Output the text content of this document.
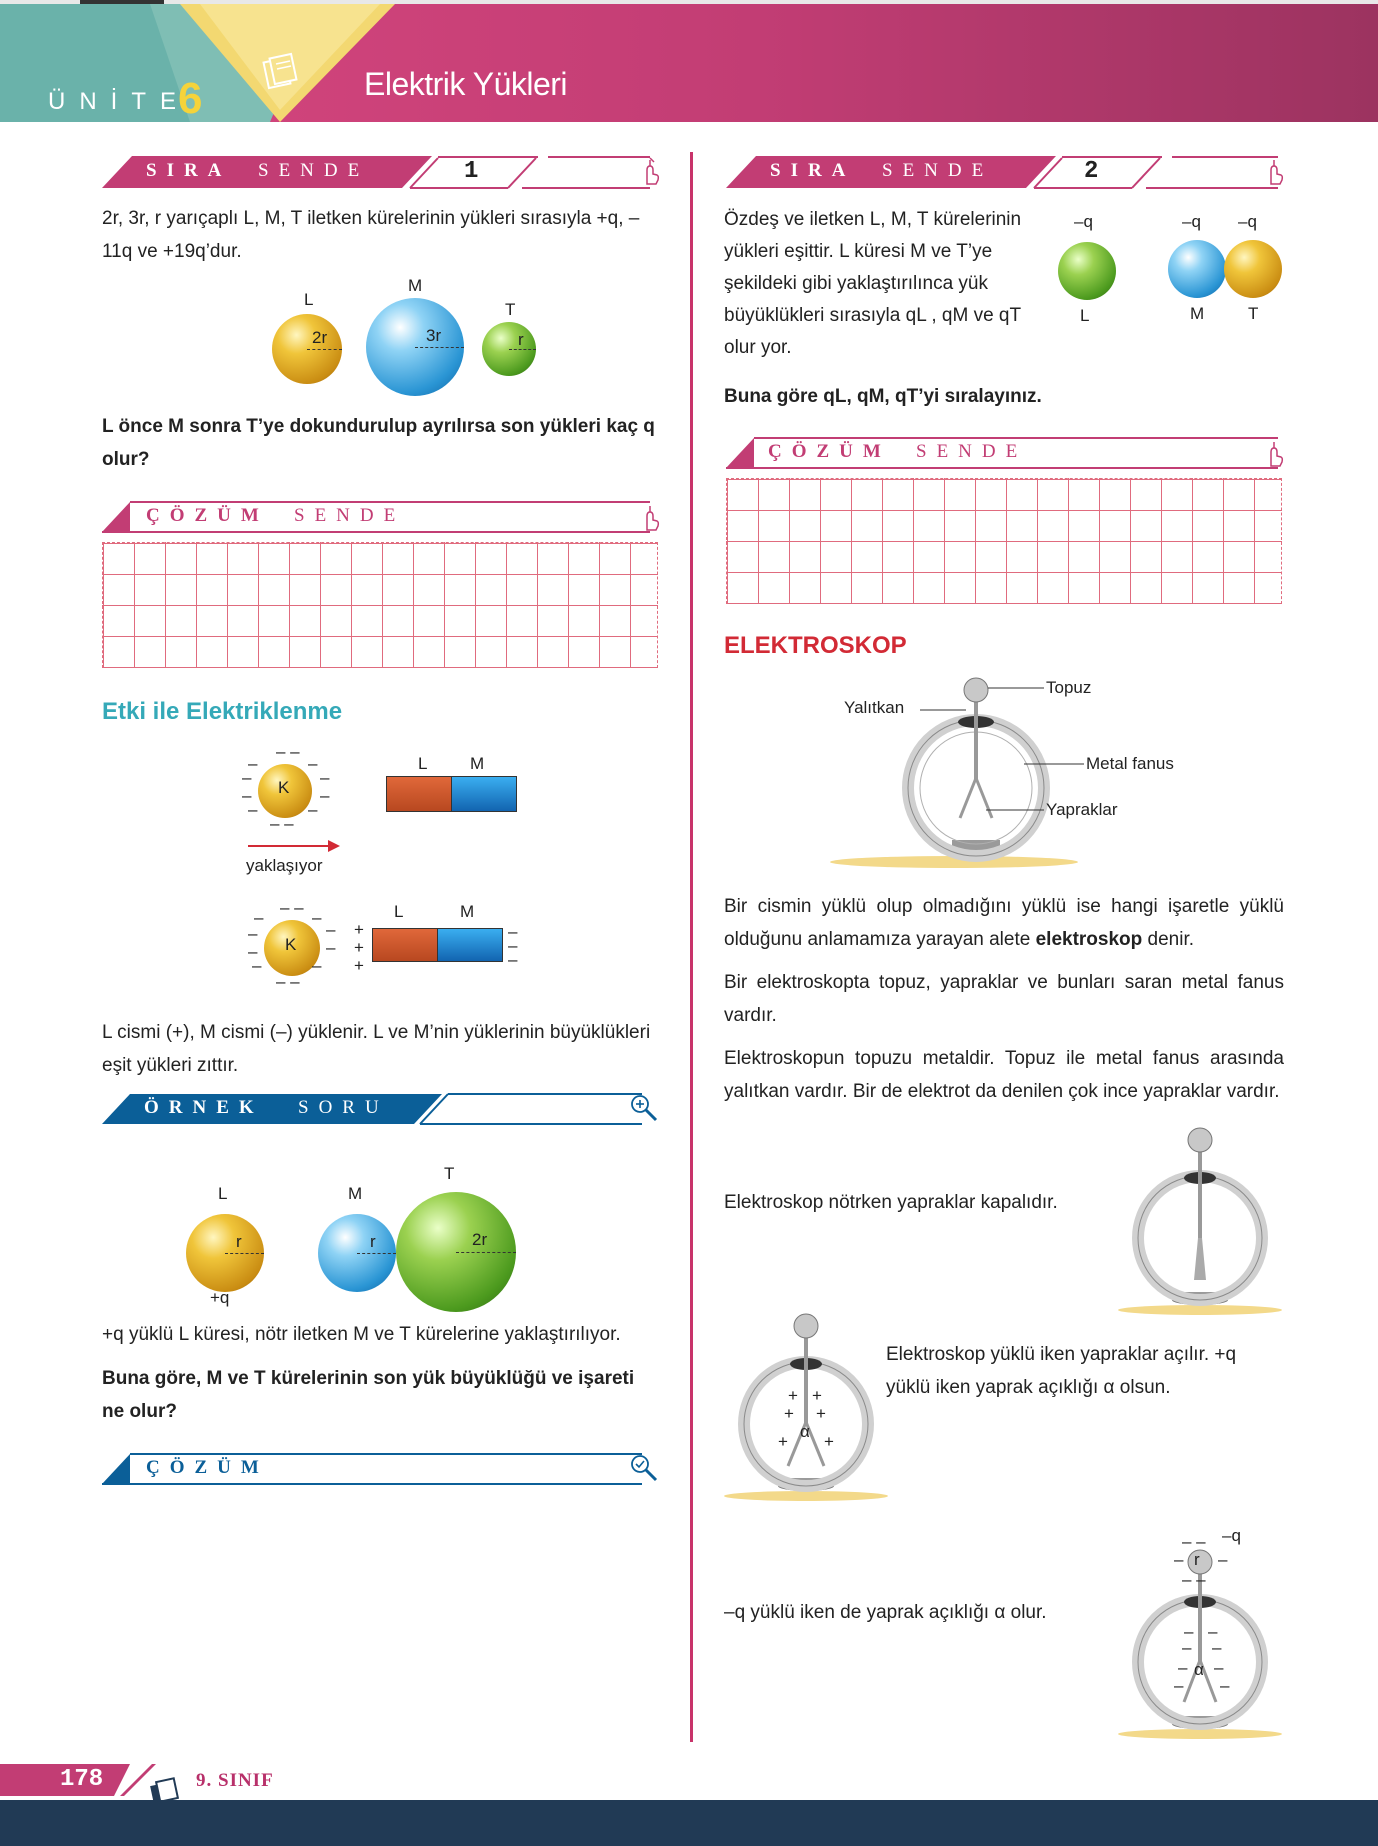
ÜNİTE
6	Elektrik Yükleri
SIRA SENDE	1

2r, 3r, r yarıçaplı L, M, T iletken kürelerinin yükleri sırasıyla +q, –11q ve +19q’dur.

L
M
T
2r	3r	r

L önce M sonra T’ye dokundurulup ayrılırsa son yükleri kaç q olur?

ÇÖZÜM SENDE
Etki ile Elektriklenme
K
– –
–
–
–
–
–	–
– –
–	–
yaklaşıyor
L	M
K
– –
–
–
–
–
–	–
– –
–	–	L	M
+
+
+
–
–
–

L cismi (+), M cismi (–) yüklenir. L ve M’nin yüklerinin büyüklükleri eşit yükleri zıttır.

ÖRNEK SORU
L	M
T
r	r	2r
+q

+q yüklü L küresi, nötr iletken M ve T kürelerine yaklaştırılıyor.

Buna göre, M ve T kürelerinin son yük büyüklüğü ve işareti ne olur?

ÇÖZÜM
SIRA SENDE	2

Özdeş ve iletken L, M, T kürelerinin yükleri eşittir. L küresi M ve T’ye şekildeki gibi yaklaştırılınca yük büyüklükleri sırasıyla qL , qM ve qT olur yor.

–q	–q –q
L	M	T

Buna göre qL, qM, qT’yi sıralayınız.

ÇÖZÜM SENDE
ELEKTROSKOP
Topuz
Yalıtkan
Metal fanus
Yapraklar

Bir cismin yüklü olup olmadığını yüklü ise hangi işaretle yüklü olduğunu anlamamıza yarayan alete elektroskop denir.

Bir elektroskopta topuz, yapraklar ve bunları saran metal fanus vardır.

Elektroskopun topuzu metaldir. Topuz ile metal fanus arasında yalıtkan vardır. Bir de elektrot da denilen çok ince yapraklar vardır.

Elektroskop nötrken yapraklar kapalıdır.

+ +
+ +
+ +
α

Elektroskop yüklü iken yapraklar açılır. +q yüklü iken yaprak açıklığı α olsun.

–q yüklü iken de yaprak açıklığı α olur.

r
–q
– –
– –
– –
– –
– –
– –
– –
α
178	9. SINIF
